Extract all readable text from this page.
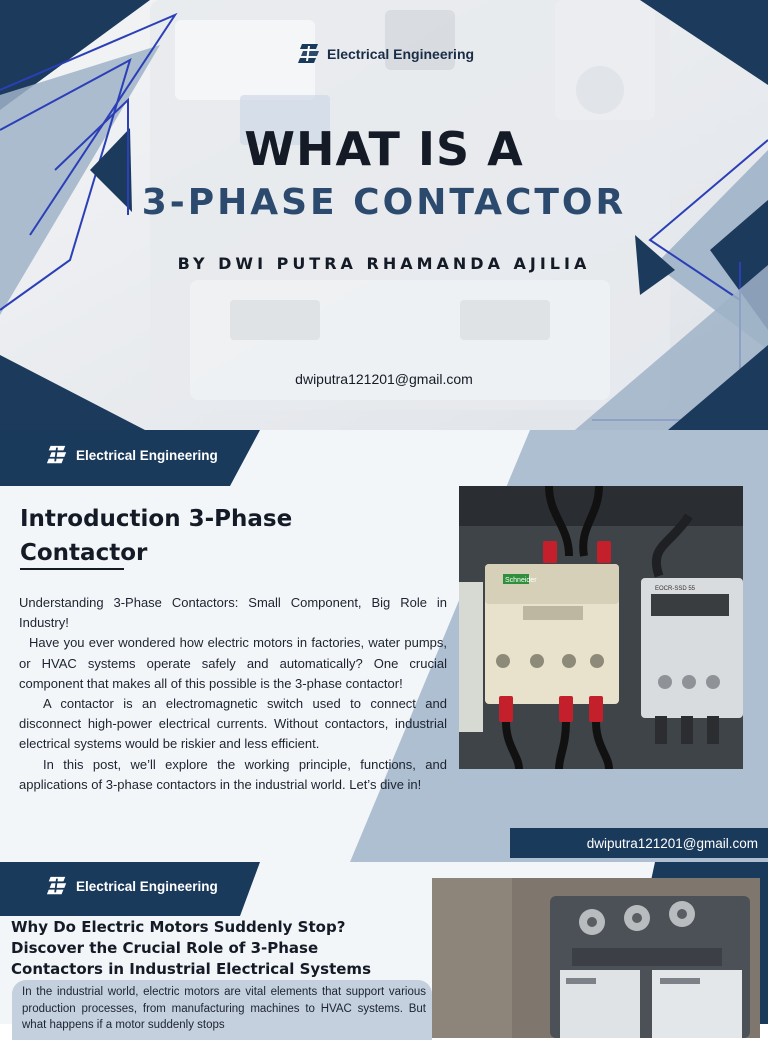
Electrical Engineering
WHAT IS A
3-PHASE CONTACTOR
BY DWI PUTRA RHAMANDA AJILIA
dwiputra121201@gmail.com
Electrical Engineering
Introduction 3-Phase
Contactor

Understanding 3-Phase Contactors: Small Component, Big Role in Industry!

Have you ever wondered how electric motors in factories, water pumps, or HVAC systems operate safely and automatically? One crucial component that makes all of this possible is the 3-phase contactor!

A contactor is an electromagnetic switch used to connect and disconnect high-power electrical currents. Without contactors, industrial electrical systems would be riskier and less efficient.

In this post, we’ll explore the working principle, functions, and applications of 3-phase contactors in the industrial world. Let’s dive in!

Schneider
EOCR-SSD 55
dwiputra121201@gmail.com
Electrical Engineering
Why Do Electric Motors Suddenly Stop?
Discover the Crucial Role of 3-Phase
Contactors in Industrial Electrical Systems
In the industrial world, electric motors are vital elements that support various production processes, from manufacturing machines to HVAC systems. But what happens if a motor suddenly stops
